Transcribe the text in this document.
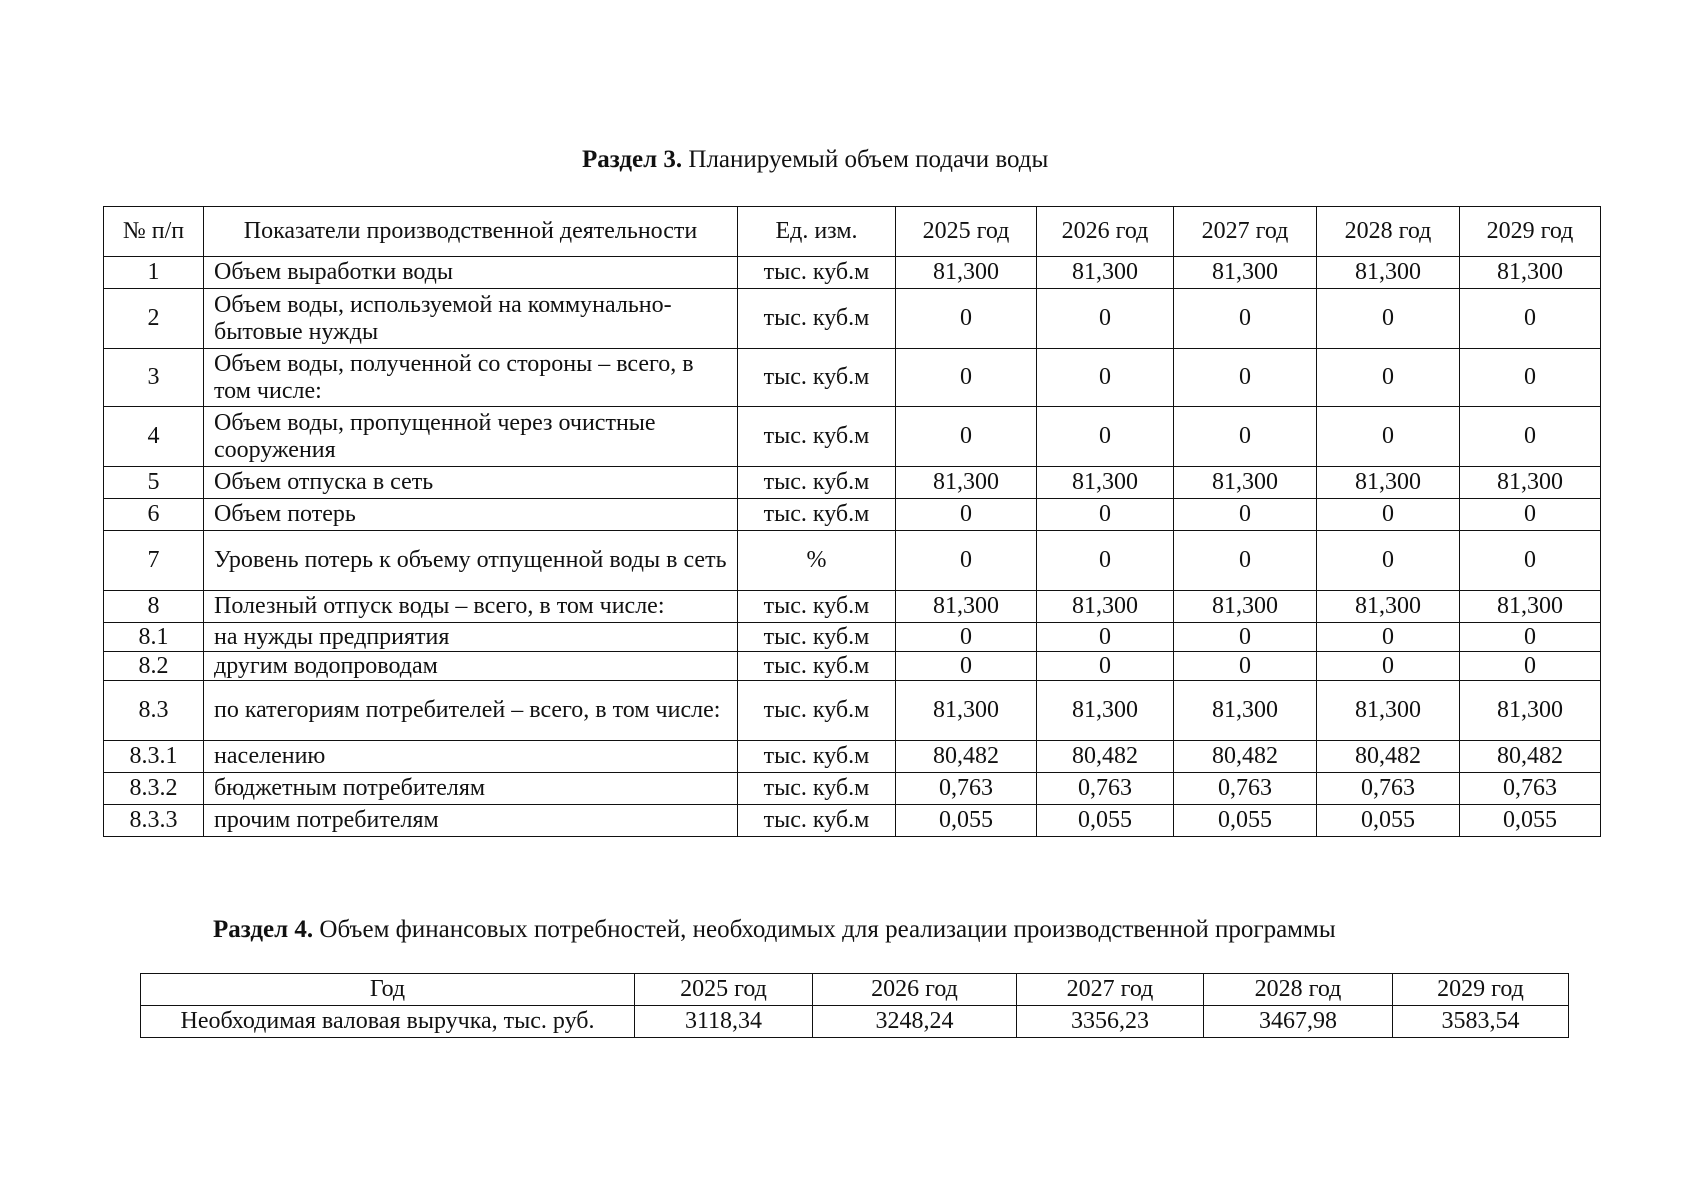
Раздел 3. Планируемый объем подачи воды
№ п/п	Показатели производственной деятельности	Ед. изм.	2025 год	2026 год	2027 год	2028 год	2029 год
1	Объем выработки воды	тыс. куб.м	81,300	81,300	81,300	81,300	81,300
2	Объем воды, используемой на коммунально-бытовые нужды	тыс. куб.м	0	0	0	0	0
3	Объем воды, полученной со стороны – всего, в том числе:	тыс. куб.м	0	0	0	0	0
4	Объем воды, пропущенной через очистные сооружения	тыс. куб.м	0	0	0	0	0
5	Объем отпуска в сеть	тыс. куб.м	81,300	81,300	81,300	81,300	81,300
6	Объем потерь	тыс. куб.м	0	0	0	0	0
7	Уровень потерь к объему отпущенной воды в сеть	%	0	0	0	0	0
8	Полезный отпуск воды – всего, в том числе:	тыс. куб.м	81,300	81,300	81,300	81,300	81,300
8.1	на нужды предприятия	тыс. куб.м	0	0	0	0	0
8.2	другим водопроводам	тыс. куб.м	0	0	0	0	0
8.3	по категориям потребителей – всего, в том числе:	тыс. куб.м	81,300	81,300	81,300	81,300	81,300
8.3.1	населению	тыс. куб.м	80,482	80,482	80,482	80,482	80,482
8.3.2	бюджетным потребителям	тыс. куб.м	0,763	0,763	0,763	0,763	0,763
8.3.3	прочим потребителям	тыс. куб.м	0,055	0,055	0,055	0,055	0,055
Раздел 4. Объем финансовых потребностей, необходимых для реализации производственной программы
Год	2025 год	2026 год	2027 год	2028 год	2029 год
Необходимая валовая выручка, тыс. руб.	3118,34	3248,24	3356,23	3467,98	3583,54
